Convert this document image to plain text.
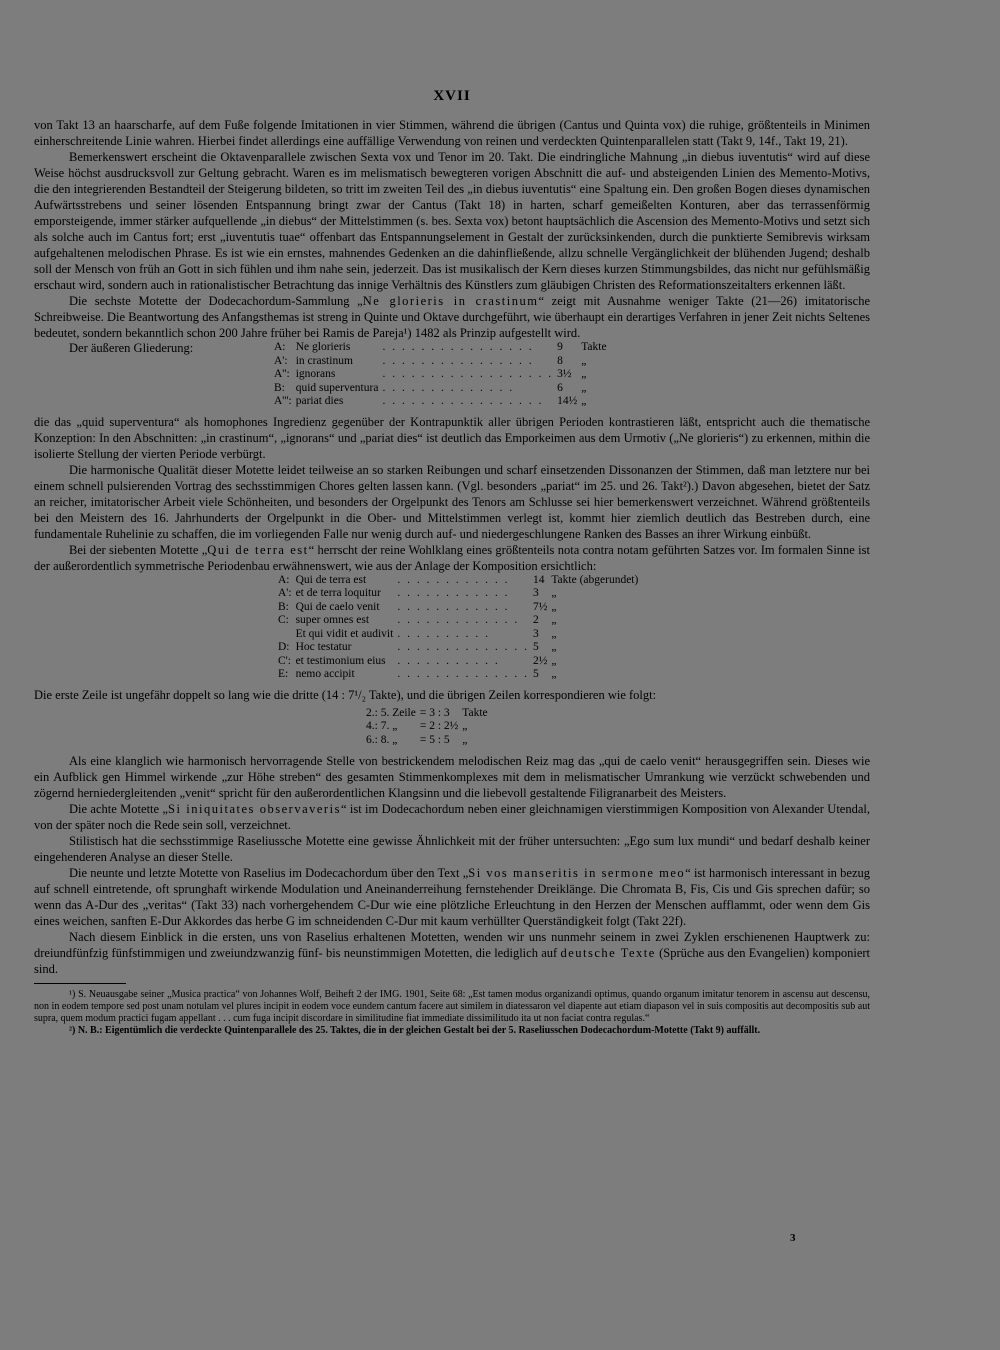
XVII

von Takt 13 an haarscharfe, auf dem Fuße folgende Imitationen in vier Stimmen, während die übrigen (Cantus und Quinta vox) die ruhige, größtenteils in Minimen einherschreitende Linie wahren. Hierbei findet allerdings eine auffällige Verwendung von reinen und verdeckten Quintenparallelen statt (Takt 9, 14f., Takt 19, 21).

Bemerkenswert erscheint die Oktavenparallele zwischen Sexta vox und Tenor im 20. Takt. Die eindringliche Mahnung „in diebus iuventutis“ wird auf diese Weise höchst ausdrucksvoll zur Geltung gebracht. Waren es im melismatisch bewegteren vorigen Abschnitt die auf- und absteigenden Linien des Memento-Motivs, die den integrierenden Bestandteil der Steigerung bildeten, so tritt im zweiten Teil des „in diebus iuventutis“ eine Spaltung ein. Den großen Bogen dieses dynamischen Aufwärtsstrebens und seiner lösenden Entspannung bringt zwar der Cantus (Takt 18) in harten, scharf gemeißelten Konturen, aber das terrassenförmig emporsteigende, immer stärker aufquellende „in diebus“ der Mittelstimmen (s. bes. Sexta vox) betont hauptsächlich die Ascension des Memento-Motivs und setzt sich als solche auch im Cantus fort; erst „iuventutis tuae“ offenbart das Entspannungselement in Gestalt der zurücksinkenden, durch die punktierte Semibrevis wirksam aufgehaltenen melodischen Phrase. Es ist wie ein ernstes, mahnendes Gedenken an die dahinfließende, allzu schnelle Vergänglichkeit der blühenden Jugend; deshalb soll der Mensch von früh an Gott in sich fühlen und ihm nahe sein, jederzeit. Das ist musikalisch der Kern dieses kurzen Stimmungsbildes, das nicht nur gefühlsmäßig erschaut wird, sondern auch in rationalistischer Betrachtung das innige Verhältnis des Künstlers zum gläubigen Christen des Reformationszeitalters erkennen läßt.

Die sechste Motette der Dodecachordum-Sammlung „Ne glorieris in crastinum“ zeigt mit Ausnahme weniger Takte (21—26) imitatorische Schreibweise. Die Beantwortung des Anfangsthemas ist streng in Quinte und Oktave durchgeführt, wie überhaupt ein derartiges Verfahren in jener Zeit nichts Seltenes bedeutet, sondern bekanntlich schon 200 Jahre früher bei Ramis de Pareja¹) 1482 als Prinzip aufgestellt wird.

Der äußeren Gliederung:	A:	Ne glorieris	. . . . . . . . . . . . . . . .	9	Takte
A':	in crastinum	. . . . . . . . . . . . . . . .	8	„
A'':	ignorans	. . . . . . . . . . . . . . . . . .	3½	„
B:	quid superventura	. . . . . . . . . . . . . .	6	„
A''':	pariat dies	. . . . . . . . . . . . . . . . .	14½	„

die das „quid superventura“ als homophones Ingredienz gegenüber der Kontrapunktik aller übrigen Perioden kontrastieren läßt, entspricht auch die thematische Konzeption: In den Abschnitten: „in crastinum“, „ignorans“ und „pariat dies“ ist deutlich das Emporkeimen aus dem Urmotiv („Ne glorieris“) zu erkennen, mithin die isolierte Stellung der vierten Periode verbürgt.

Die harmonische Qualität dieser Motette leidet teilweise an so starken Reibungen und scharf einsetzenden Dissonanzen der Stimmen, daß man letztere nur bei einem schnell pulsierenden Vortrag des sechsstimmigen Chores gelten lassen kann. (Vgl. besonders „pariat“ im 25. und 26. Takt²).) Davon abgesehen, bietet der Satz an reicher, imitatorischer Arbeit viele Schönheiten, und besonders der Orgelpunkt des Tenors am Schlusse sei hier bemerkenswert verzeichnet. Während größtenteils bei den Meistern des 16. Jahrhunderts der Orgelpunkt in die Ober- und Mittelstimmen verlegt ist, kommt hier ziemlich deutlich das Bestreben durch, eine fundamentale Ruhelinie zu schaffen, die im vorliegenden Falle nur wenig durch auf- und niedergeschlungene Ranken des Basses an ihrer Wirkung einbüßt.

Bei der siebenten Motette „Qui de terra est“ herrscht der reine Wohlklang eines größtenteils nota contra notam geführten Satzes vor. Im formalen Sinne ist der außerordentlich symmetrische Periodenbau erwähnenswert, wie aus der Anlage der Komposition ersichtlich:

A:	Qui de terra est	. . . . . . . . . . . .	14	Takte (abgerundet)
A':	et de terra loquitur	. . . . . . . . . . . .	3	„
B:	Qui de caelo venit	. . . . . . . . . . . .	7½	„
C:	super omnes est	. . . . . . . . . . . . .	2	„
	Et qui vidit et audivit	. . . . . . . . . .	3	„
D:	Hoc testatur	. . . . . . . . . . . . . .	5	„
C':	et testimonium eius	. . . . . . . . . . .	2½	„
E:	nemo accipit	. . . . . . . . . . . . . .	5	„

Die erste Zeile ist ungefähr doppelt so lang wie die dritte (14 : 7¹/₂ Takte), und die übrigen Zeilen korrespondieren wie folgt:

2.: 5. Zeile	= 3 : 3	Takte
4.: 7. „	= 2 : 2½	„
6.: 8. „	= 5 : 5	„

Als eine klanglich wie harmonisch hervorragende Stelle von bestrickendem melodischen Reiz mag das „qui de caelo venit“ herausgegriffen sein. Dieses wie ein Aufblick gen Himmel wirkende „zur Höhe streben“ des gesamten Stimmenkomplexes mit dem in melismatischer Umrankung wie verzückt schwebenden und zögernd herniedergleitenden „venit“ spricht für den außerordentlichen Klangsinn und die liebevoll gestaltende Filigranarbeit des Meisters.

Die achte Motette „Si iniquitates observaveris“ ist im Dodecachordum neben einer gleichnamigen vierstimmigen Komposition von Alexander Utendal, von der später noch die Rede sein soll, verzeichnet.

Stilistisch hat die sechsstimmige Raseliussche Motette eine gewisse Ähnlichkeit mit der früher untersuchten: „Ego sum lux mundi“ und bedarf deshalb keiner eingehenderen Analyse an dieser Stelle.

Die neunte und letzte Motette von Raselius im Dodecachordum über den Text „Si vos manseritis in sermone meo“ ist harmonisch interessant in bezug auf schnell eintretende, oft sprunghaft wirkende Modulation und Aneinanderreihung fernstehender Dreiklänge. Die Chromata B, Fis, Cis und Gis sprechen dafür; so wenn das A-Dur des „veritas“ (Takt 33) nach vorhergehendem C-Dur wie eine plötzliche Erleuchtung in den Herzen der Menschen aufflammt, oder wenn dem Gis eines weichen, sanften E-Dur Akkordes das herbe G im schneidenden C-Dur mit kaum verhüllter Querständigkeit folgt (Takt 22f).

Nach diesem Einblick in die ersten, uns von Raselius erhaltenen Motetten, wenden wir uns nunmehr seinem in zwei Zyklen erschienenen Hauptwerk zu: dreiundfünfzig fünfstimmigen und zweiundzwanzig fünf- bis neunstimmigen Motetten, die lediglich auf deutsche Texte (Sprüche aus den Evangelien) komponiert sind.

¹) S. Neuausgabe seiner „Musica practica“ von Johannes Wolf, Beiheft 2 der IMG. 1901, Seite 68: „Est tamen modus organizandi optimus, quando organum imitatur tenorem in ascensu aut descensu, non in eodem tempore sed post unam notulam vel plures incipit in eodem voce eundem cantum facere aut similem in diatessaron vel diapente aut etiam diapason vel in suis compositis aut decompositis sub aut supra, quem modum practici fugam appellant . . . cum fuga incipit discordare in similitudine fiat immediate dissimilitudo ita ut non faciat contra regulas.“

²) N. B.: Eigentümlich die verdeckte Quintenparallele des 25. Taktes, die in der gleichen Gestalt bei der 5. Raseliusschen Dodecachordum-Motette (Takt 9) auffällt.

3
